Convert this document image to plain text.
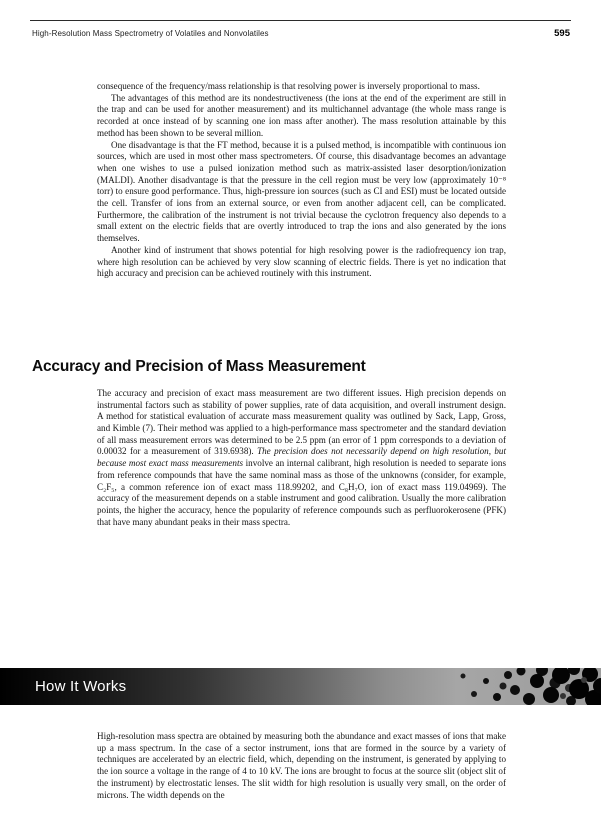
High-Resolution Mass Spectrometry of Volatiles and Nonvolatiles	595

consequence of the frequency/mass relationship is that resolving power is inversely proportional to mass.

The advantages of this method are its nondestructiveness (the ions at the end of the experiment are still in the trap and can be used for another measurement) and its multichannel advantage (the whole mass range is recorded at once instead of by scanning one ion mass after another). The mass resolution attainable by this method has been shown to be several million.

One disadvantage is that the FT method, because it is a pulsed method, is incompatible with continuous ion sources, which are used in most other mass spectrometers. Of course, this disadvantage becomes an advantage when one wishes to use a pulsed ionization method such as matrix-assisted laser desorption/ionization (MALDI). Another disadvantage is that the pressure in the cell region must be very low (approximately 10⁻⁸ torr) to ensure good performance. Thus, high-pressure ion sources (such as CI and ESI) must be located outside the cell. Transfer of ions from an external source, or even from another adjacent cell, can be complicated. Furthermore, the calibration of the instrument is not trivial because the cyclotron frequency also depends to a small extent on the electric fields that are overtly introduced to trap the ions and also generated by the ions themselves.

Another kind of instrument that shows potential for high resolving power is the radiofrequency ion trap, where high resolution can be achieved by very slow scanning of electric fields. There is yet no indication that high accuracy and precision can be achieved routinely with this instrument.

Accuracy and Precision of Mass Measurement

The accuracy and precision of exact mass measurement are two different issues. High precision depends on instrumental factors such as stability of power supplies, rate of data acquisition, and overall instrument design. A method for statistical evaluation of accurate mass measurement quality was outlined by Sack, Lapp, Gross, and Kimble (7). Their method was applied to a high-performance mass spectrometer and the standard deviation of all mass measurement errors was determined to be 2.5 ppm (an error of 1 ppm corresponds to a deviation of 0.00032 for a measurement of 319.6938). The precision does not necessarily depend on high resolution, but because most exact mass measurements involve an internal calibrant, high resolution is needed to separate ions from reference compounds that have the same nominal mass as those of the unknowns (consider, for example, C₂F₅, a common reference ion of exact mass 118.99202, and C₈H₇O, ion of exact mass 119.04969). The accuracy of the measurement depends on a stable instrument and good calibration. Usually the more calibration points, the higher the accuracy, hence the popularity of reference compounds such as perfluorokerosene (PFK) that have many abundant peaks in their mass spectra.

How It Works

High-resolution mass spectra are obtained by measuring both the abundance and exact masses of ions that make up a mass spectrum. In the case of a sector instrument, ions that are formed in the source by a variety of techniques are accelerated by an electric field, which, depending on the instrument, is generated by applying to the ion source a voltage in the range of 4 to 10 kV. The ions are brought to focus at the source slit (object slit of the instrument) by electrostatic lenses. The slit width for high resolution is usually very small, on the order of microns. The width depends on the
